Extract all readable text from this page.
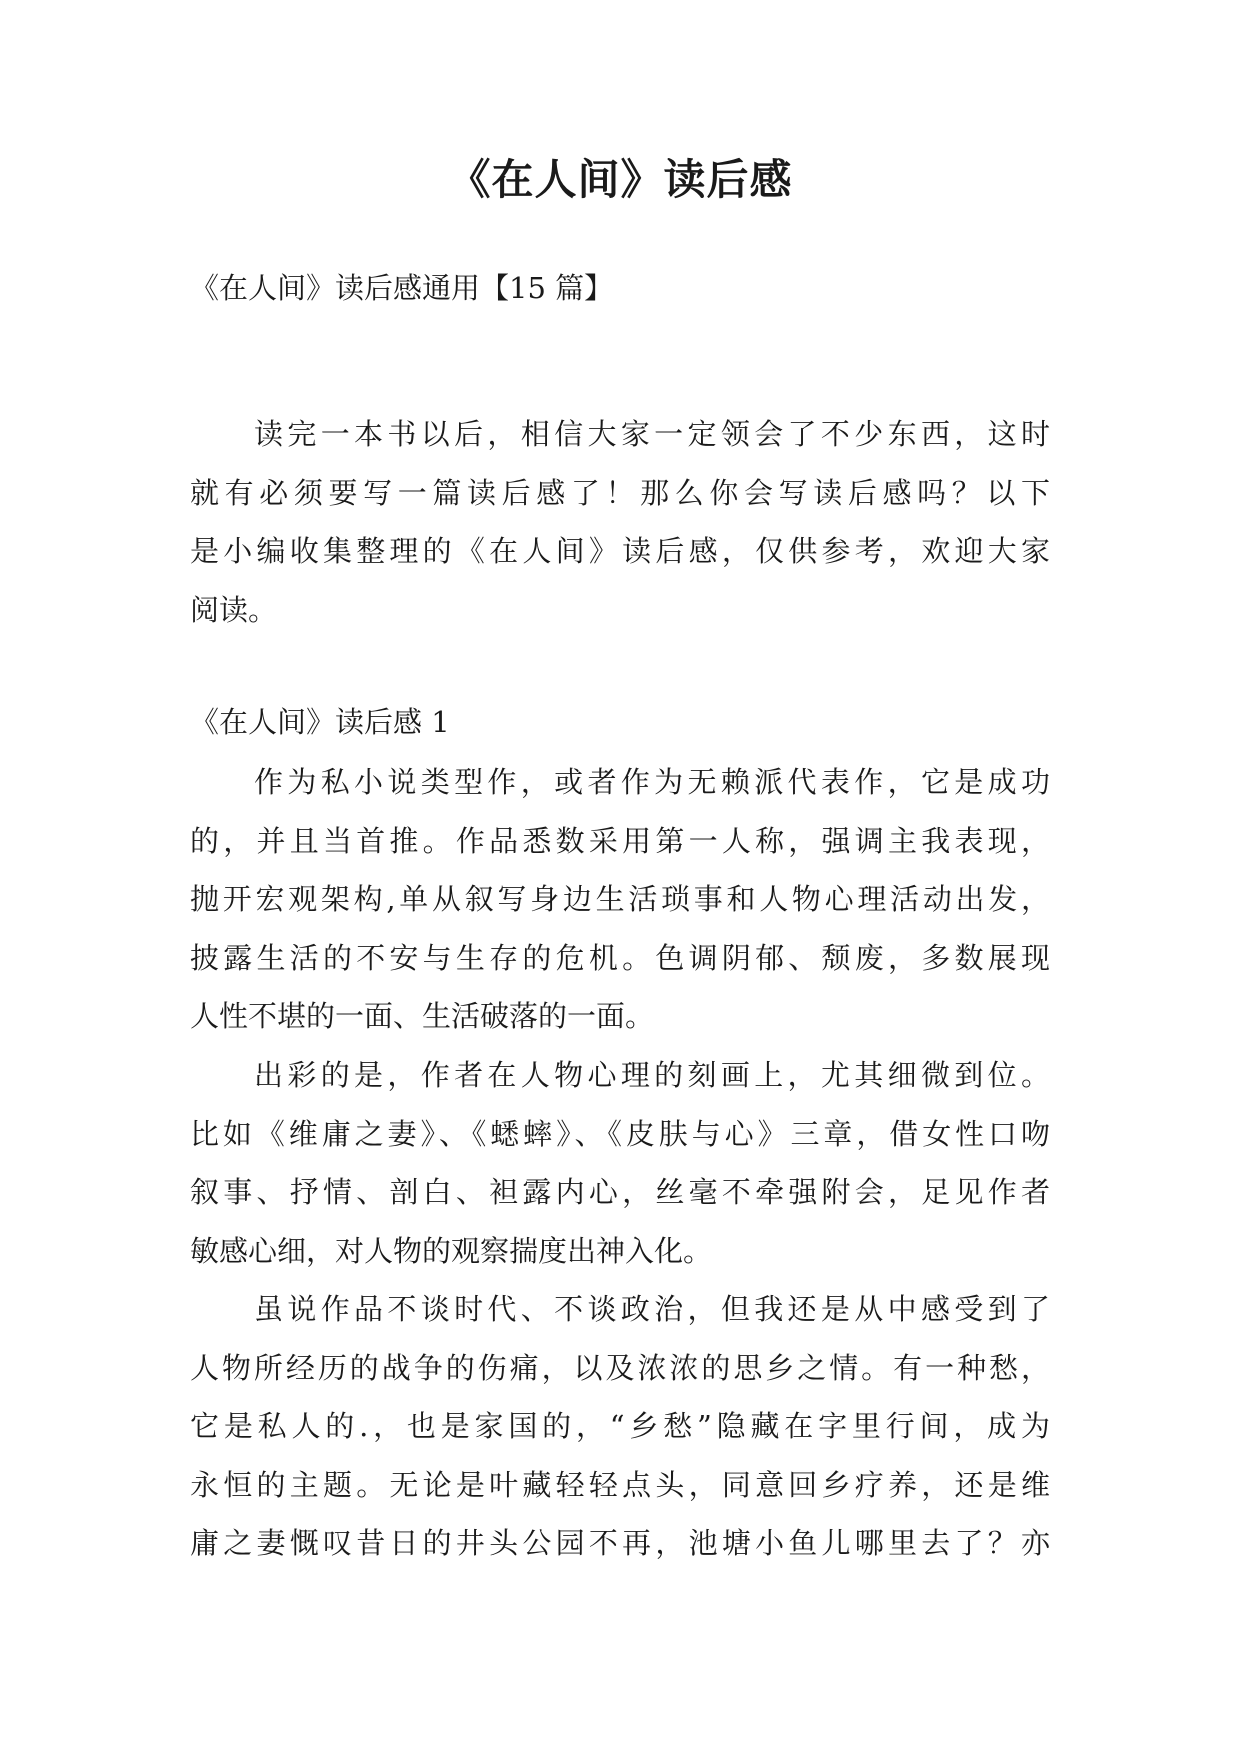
《在人间》读后感

《在人间》读后感通用【15 篇】

读完一本书以后，相信大家一定领会了不少东西，这时
就有必须要写一篇读后感了！那么你会写读后感吗？以下
是小编收集整理的《在人间》读后感，仅供参考，欢迎大家
阅读。

《在人间》读后感 1

作为私小说类型作，或者作为无赖派代表作，它是成功
的，并且当首推。作品悉数采用第一人称，强调主我表现，
抛开宏观架构,单从叙写身边生活琐事和人物心理活动出发，
披露生活的不安与生存的危机。色调阴郁、颓废，多数展现
人性不堪的一面、生活破落的一面。
出彩的是，作者在人物心理的刻画上，尤其细微到位。
比如《维庸之妻》、《蟋蟀》、《皮肤与心》三章，借女性口吻
叙事、抒情、剖白、袒露内心，丝毫不牵强附会，足见作者
敏感心细，对人物的观察揣度出神入化。
虽说作品不谈时代、不谈政治，但我还是从中感受到了
人物所经历的战争的伤痛，以及浓浓的思乡之情。有一种愁，
它是私人的.，也是家国的，“乡愁”隐藏在字里行间，成为
永恒的主题。无论是叶藏轻轻点头，同意回乡疗养，还是维
庸之妻慨叹昔日的井头公园不再，池塘小鱼儿哪里去了？亦
